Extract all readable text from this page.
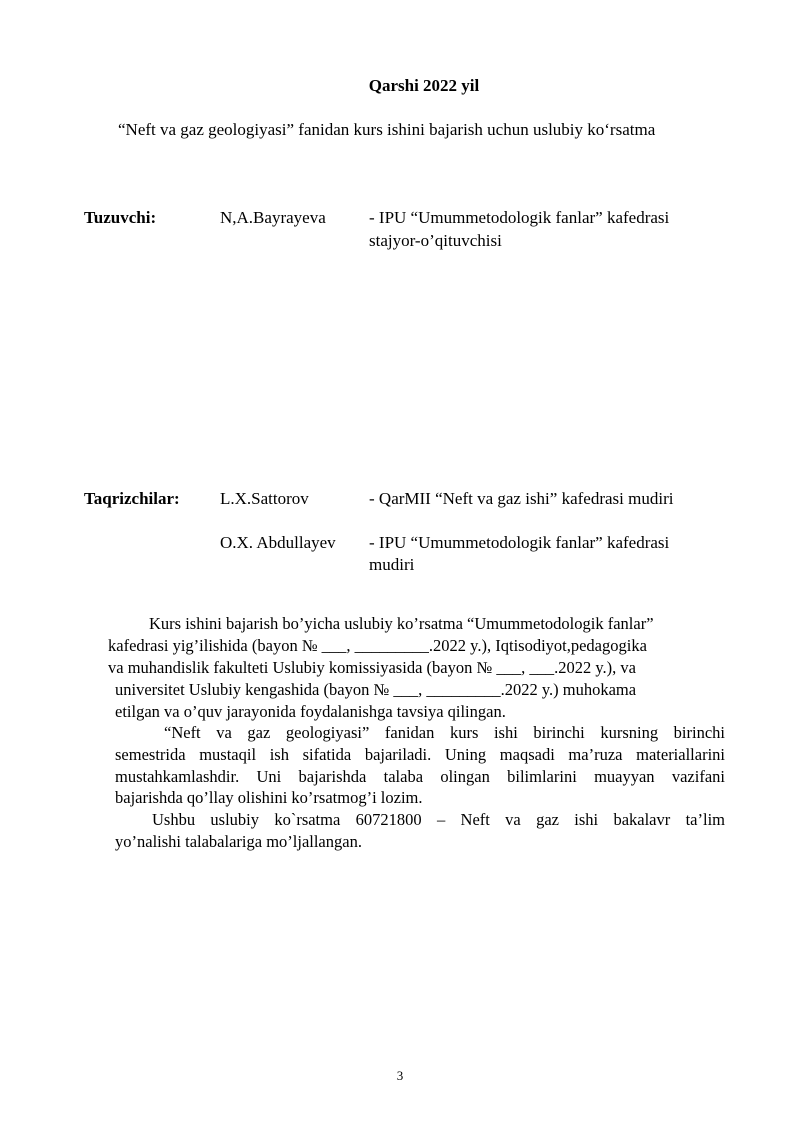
Qarshi 2022 yil
“Neft va gaz geologiyasi” fanidan kurs ishini bajarish uchun uslubiy ko‘rsatma
Tuzuvchi:	N,A.Bayrayeva	- IPU “Umummetodologik fanlar” kafedrasi
stajyor-o’qituvchisi
Taqrizchilar: L.X.Sattorov	- QarMII “Neft va gaz ishi” kafedrasi mudiri
O.X. Abdullayev - IPU “Umummetodologik fanlar” kafedrasi
mudiri
Kurs ishini bajarish bo’yicha uslubiy ko’rsatma “Umummetodologik fanlar”
kafedrasi yig’ilishida (bayon № ___, _________.2022 y.), Iqtisodiyot,pedagogika
va muhandislik fakulteti Uslubiy komissiyasida (bayon № ___, ___.2022 y.), va
universitet Uslubiy kengashida (bayon № ___, _________.2022 y.) muhokama
etilgan va o’quv jarayonida foydalanishga tavsiya qilingan.
“Neft va gaz geologiyasi” fanidan kurs ishi birinchi kursning birinchi
semestrida mustaqil ish sifatida bajariladi. Uning maqsadi ma’ruza materiallarini
mustahkamlashdir. Uni bajarishda talaba olingan bilimlarini muayyan vazifani
bajarishda qo’llay olishini ko’rsatmog’i lozim.
Ushbu uslubiy ko`rsatma 60721800 – Neft va gaz ishi bakalavr ta’lim
yo’nalishi talabalariga mo’ljallangan.
3
